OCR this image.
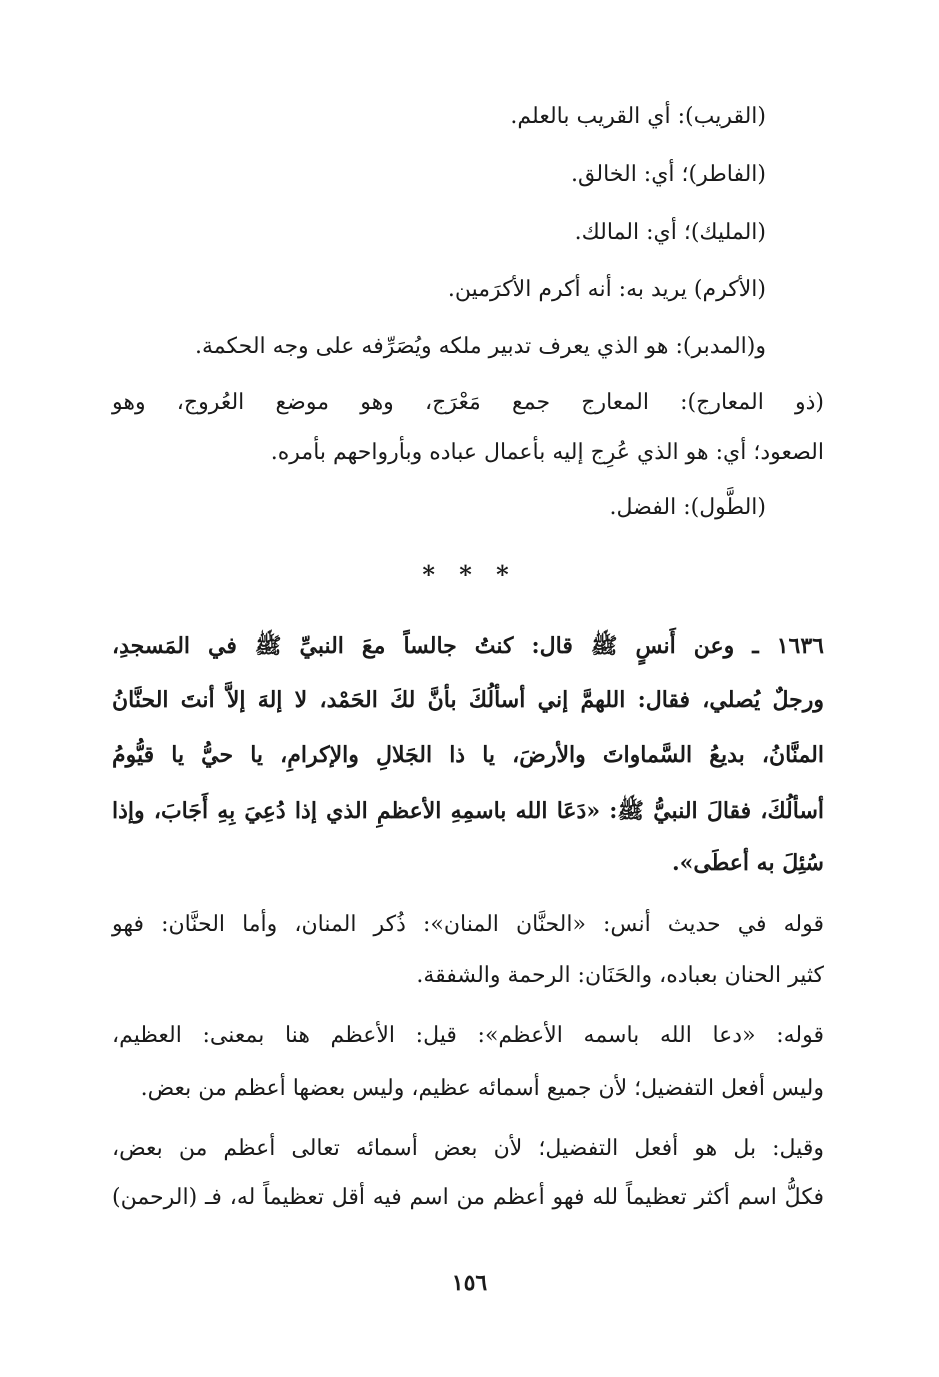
(القريب): أي القريب بالعلم.
(الفاطر)؛ أي: الخالق.
(المليك)؛ أي: المالك.
(الأكرم) يريد به: أنه أكرم الأكرَمين.
و(المدبر): هو الذي يعرف تدبير ملكه ويُصَرِّفه على وجه الحكمة.
(ذو المعارج): المعارج جمع مَعْرَج، وهو موضع العُروج، وهو
الصعود؛ أي: هو الذي عُرِج إليه بأعمال عباده وبأرواحهم بأمره.
(الطَّول): الفضل.
* * *
١٦٣٦ ـ وعن أَنسٍ ﷺ قال: كنتُ جالساً معَ النبيِّ ﷺ في المَسجدِ،
ورجلٌ يُصلي، فقال: اللهمَّ إني أسألُكَ بأنَّ لكَ الحَمْد، لا إلهَ إلاَّ أنتَ الحنَّانُ
المنَّانُ، بديعُ السَّماواتَ والأرضَ، يا ذا الجَلالِ والإكرامِ، يا حيُّ يا قيُّومُ
أسألُكَ، فقالَ النبيُّ ﷺ: «دَعَا الله باسمِهِ الأعظمِ الذي إذا دُعِيَ بِهِ أَجَابَ، وإذا
سُئِلَ به أعطَى».
قوله في حديث أنس: «الحنَّان المنان»: ذُكر المنان، وأما الحنَّان: فهو
كثير الحنان بعباده، والحَنَان: الرحمة والشفقة.
قوله: «دعا الله باسمه الأعظم»: قيل: الأعظم هنا بمعنى: العظيم،
وليس أفعل التفضيل؛ لأن جميع أسمائه عظيم، وليس بعضها أعظم من بعض.
وقيل: بل هو أفعل التفضيل؛ لأن بعض أسمائه تعالى أعظم من بعض،
فكلُّ اسم أكثر تعظيماً لله فهو أعظم من اسم فيه أقل تعظيماً له، فـ (الرحمن)
١٥٦
